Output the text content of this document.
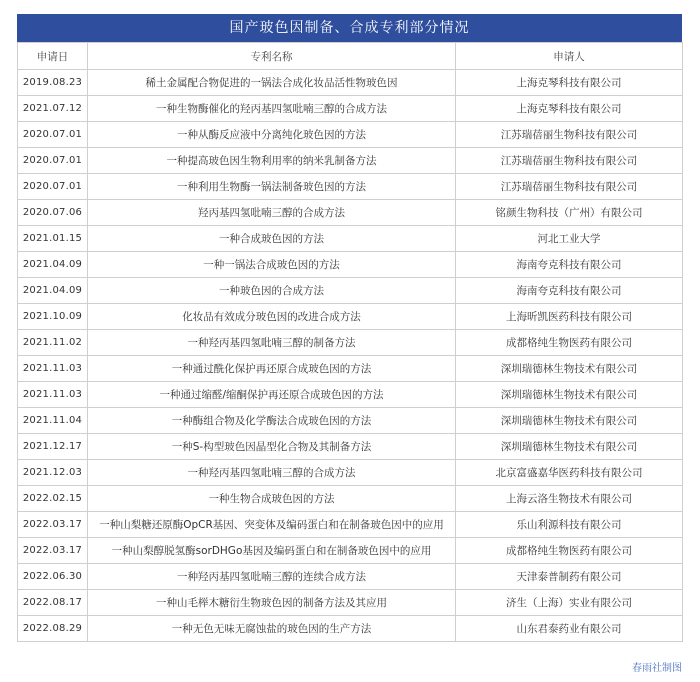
国产玻色因制备、合成专利部分情况
申请日	专利名称	申请人
2019.08.23	稀土金属配合物促进的一锅法合成化妆品活性物玻色因	上海克琴科技有限公司
2021.07.12	一种生物酶催化的羟丙基四氢吡喃三醇的合成方法	上海克琴科技有限公司
2020.07.01	一种从酶反应液中分离纯化玻色因的方法	江苏瑞蓓丽生物科技有限公司
2020.07.01	一种提高玻色因生物利用率的纳米乳制备方法	江苏瑞蓓丽生物科技有限公司
2020.07.01	一种利用生物酶一锅法制备玻色因的方法	江苏瑞蓓丽生物科技有限公司
2020.07.06	羟丙基四氢吡喃三醇的合成方法	铭颜生物科技（广州）有限公司
2021.01.15	一种合成玻色因的方法	河北工业大学
2021.04.09	一种一锅法合成玻色因的方法	海南夸克科技有限公司
2021.04.09	一种玻色因的合成方法	海南夸克科技有限公司
2021.10.09	化妆品有效成分玻色因的改进合成方法	上海昕凯医药科技有限公司
2021.11.02	一种羟丙基四氢吡喃三醇的制备方法	成都格纯生物医药有限公司
2021.11.03	一种通过酰化保护再还原合成玻色因的方法	深圳瑞德林生物技术有限公司
2021.11.03	一种通过缩醛/缩酮保护再还原合成玻色因的方法	深圳瑞德林生物技术有限公司
2021.11.04	一种酶组合物及化学酶法合成玻色因的方法	深圳瑞德林生物技术有限公司
2021.12.17	一种S-构型玻色因晶型化合物及其制备方法	深圳瑞德林生物技术有限公司
2021.12.03	一种羟丙基四氢吡喃三醇的合成方法	北京富盛嘉华医药科技有限公司
2022.02.15	一种生物合成玻色因的方法	上海云洛生物技术有限公司
2022.03.17	一种山梨糖还原酶OpCR基因、突变体及编码蛋白和在制备玻色因中的应用	乐山利源科技有限公司
2022.03.17	一种山梨醇脱氢酶sorDHGo基因及编码蛋白和在制备玻色因中的应用	成都格纯生物医药有限公司
2022.06.30	一种羟丙基四氢吡喃三醇的连续合成方法	天津泰普制药有限公司
2022.08.17	一种山毛榉木糖衍生物玻色因的制备方法及其应用	济生（上海）实业有限公司
2022.08.29	一种无色无味无腐蚀盐的玻色因的生产方法	山东君泰药业有限公司
春雨社制图
